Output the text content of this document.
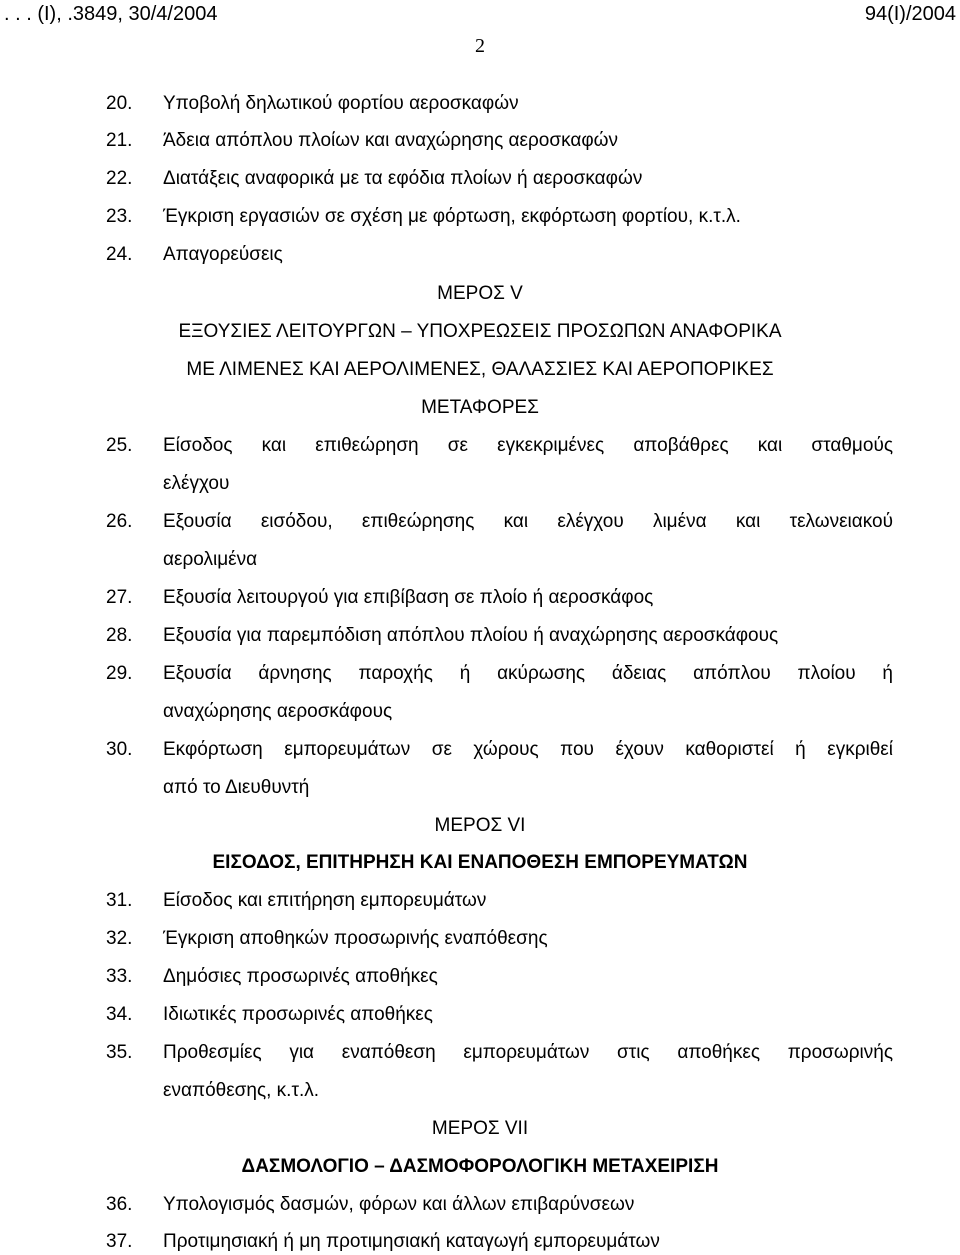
. . . (Ι), .3849, 30/4/2004	94(Ι)/2004
2
20.	Υποβολή δηλωτικού φορτίου αεροσκαφών
21.	Άδεια απόπλου πλοίων και αναχώρησης αεροσκαφών
22.	Διατάξεις αναφορικά με τα εφόδια πλοίων ή αεροσκαφών
23.	Έγκριση εργασιών σε σχέση με φόρτωση, εκφόρτωση φορτίου, κ.τ.λ.
24.	Απαγορεύσεις
ΜΕΡΟΣ V
ΕΞΟΥΣΙΕΣ ΛΕΙΤΟΥΡΓΩΝ – ΥΠΟΧΡΕΩΣΕΙΣ ΠΡΟΣΩΠΩΝ ΑΝΑΦΟΡΙΚΑ
ΜΕ ΛΙΜΕΝΕΣ ΚΑΙ ΑΕΡΟΛΙΜΕΝΕΣ, ΘΑΛΑΣΣΙΕΣ ΚΑΙ ΑΕΡΟΠΟΡΙΚΕΣ
ΜΕΤΑΦΟΡΕΣ
25.	Είσοδος και επιθεώρηση σε εγκεκριμένες αποβάθρες και σταθμούς
ελέγχου
26.	Εξουσία εισόδου, επιθεώρησης και ελέγχου λιμένα και τελωνειακού
αερολιμένα
27.	Εξουσία λειτουργού για επιβίβαση σε πλοίο ή αεροσκάφος
28.	Εξουσία για παρεμπόδιση απόπλου πλοίου ή αναχώρησης αεροσκάφους
29.	Εξουσία άρνησης παροχής ή ακύρωσης άδειας απόπλου πλοίου ή
αναχώρησης αεροσκάφους
30.	Εκφόρτωση εμπορευμάτων σε χώρους που έχουν καθοριστεί ή εγκριθεί
από το Διευθυντή
ΜΕΡΟΣ VI
ΕΙΣΟΔΟΣ, ΕΠΙΤΗΡΗΣΗ ΚΑΙ ΕΝΑΠΟΘΕΣΗ ΕΜΠΟΡΕΥΜΑΤΩΝ
31.	Είσοδος και επιτήρηση εμπορευμάτων
32.	Έγκριση αποθηκών προσωρινής εναπόθεσης
33.	Δημόσιες προσωρινές αποθήκες
34.	Ιδιωτικές προσωρινές αποθήκες
35.	Προθεσμίες για εναπόθεση εμπορευμάτων στις αποθήκες προσωρινής
εναπόθεσης, κ.τ.λ.
ΜΕΡΟΣ VII
ΔΑΣΜΟΛΟΓΙΟ – ΔΑΣΜΟΦΟΡΟΛΟΓΙΚΗ ΜΕΤΑΧΕΙΡΙΣΗ
36.	Υπολογισμός δασμών, φόρων και άλλων επιβαρύνσεων
37.	Προτιμησιακή ή μη προτιμησιακή καταγωγή εμπορευμάτων
